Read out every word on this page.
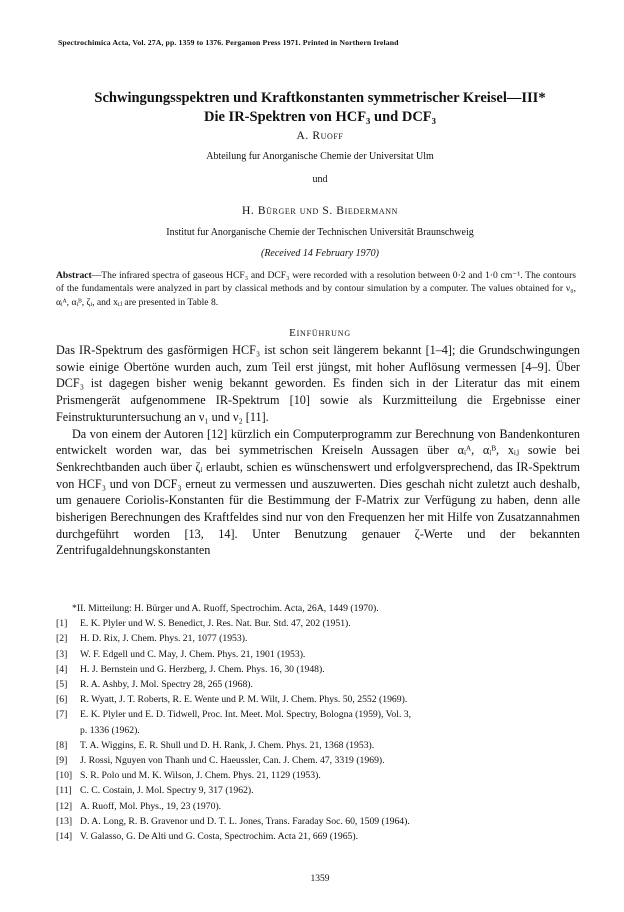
Spectrochimica Acta, Vol. 27A, pp. 1359 to 1376. Pergamon Press 1971. Printed in Northern Ireland
Schwingungsspektren und Kraftkonstanten symmetrischer Kreisel—III*
Die IR-Spektren von HCF₃ und DCF₃
A. Ruoff
Abteilung fur Anorganische Chemie der Universitat Ulm
und
H. Bürger und S. Biedermann
Institut fur Anorganische Chemie der Technischen Universität Braunschweig
(Received 14 February 1970)
Abstract—The infrared spectra of gaseous HCF₃ and DCF₃ were recorded with a resolution between 0·2 and 1·0 cm⁻¹. The contours of the fundamentals were analyzed in part by classical methods and by contour simulation by a computer. The values obtained for ν₀, αᵢᴬ, αᵢᴮ, ζᵢ, and xᵢⱼ are presented in Table 8.
Einführung

Das IR-Spektrum des gasförmigen HCF₃ ist schon seit längerem bekannt [1–4]; die Grundschwingungen sowie einige Obertöne wurden auch, zum Teil erst jüngst, mit hoher Auflösung vermessen [4–9]. Über DCF₃ ist dagegen bisher wenig bekannt geworden. Es finden sich in der Literatur das mit einem Prismengerät aufgenommene IR-Spektrum [10] sowie als Kurzmitteilung die Ergebnisse einer Feinstrukturuntersuchung an ν₁ und ν₂ [11].

Da von einem der Autoren [12] kürzlich ein Computerprogramm zur Berechnung von Bandenkonturen entwickelt worden war, das bei symmetrischen Kreiseln Aussagen über αᵢᴬ, αᵢᴮ, xᵢⱼ sowie bei Senkrechtbanden auch über ζᵢ erlaubt, schien es wünschenswert und erfolgversprechend, das IR-Spektrum von HCF₃ und von DCF₃ erneut zu vermessen und auszuwerten. Dies geschah nicht zuletzt auch deshalb, um genauere Coriolis-Konstanten für die Bestimmung der F-Matrix zur Verfügung zu haben, denn alle bisherigen Berechnungen des Kraftfeldes sind nur von den Frequenzen her mit Hilfe von Zusatzannahmen durchgeführt worden [13, 14]. Unter Benutzung genauer ζ-Werte und der bekannten Zentrifugaldehnungskonstanten

*II. Mitteilung: H. Bürger und A. Ruoff, Spectrochim. Acta, 26A, 1449 (1970).
[1]	E. K. Plyler und W. S. Benedict, J. Res. Nat. Bur. Std. 47, 202 (1951).
[2]	H. D. Rix, J. Chem. Phys. 21, 1077 (1953).
[3]	W. F. Edgell und C. May, J. Chem. Phys. 21, 1901 (1953).
[4]	H. J. Bernstein und G. Herzberg, J. Chem. Phys. 16, 30 (1948).
[5]	R. A. Ashby, J. Mol. Spectry 28, 265 (1968).
[6]	R. Wyatt, J. T. Roberts, R. E. Wente und P. M. Wilt, J. Chem. Phys. 50, 2552 (1969).
[7]	E. K. Plyler und E. D. Tidwell, Proc. Int. Meet. Mol. Spectry, Bologna (1959), Vol. 3,
p. 1336 (1962).
[8]	T. A. Wiggins, E. R. Shull und D. H. Rank, J. Chem. Phys. 21, 1368 (1953).
[9]	J. Rossi, Nguyen von Thanh und C. Haeussler, Can. J. Chem. 47, 3319 (1969).
[10] S. R. Polo und M. K. Wilson, J. Chem. Phys. 21, 1129 (1953).
[11] C. C. Costain, J. Mol. Spectry 9, 317 (1962).
[12] A. Ruoff, Mol. Phys., 19, 23 (1970).
[13] D. A. Long, R. B. Gravenor und D. T. L. Jones, Trans. Faraday Soc. 60, 1509 (1964).
[14] V. Galasso, G. De Alti und G. Costa, Spectrochim. Acta 21, 669 (1965).
1359
